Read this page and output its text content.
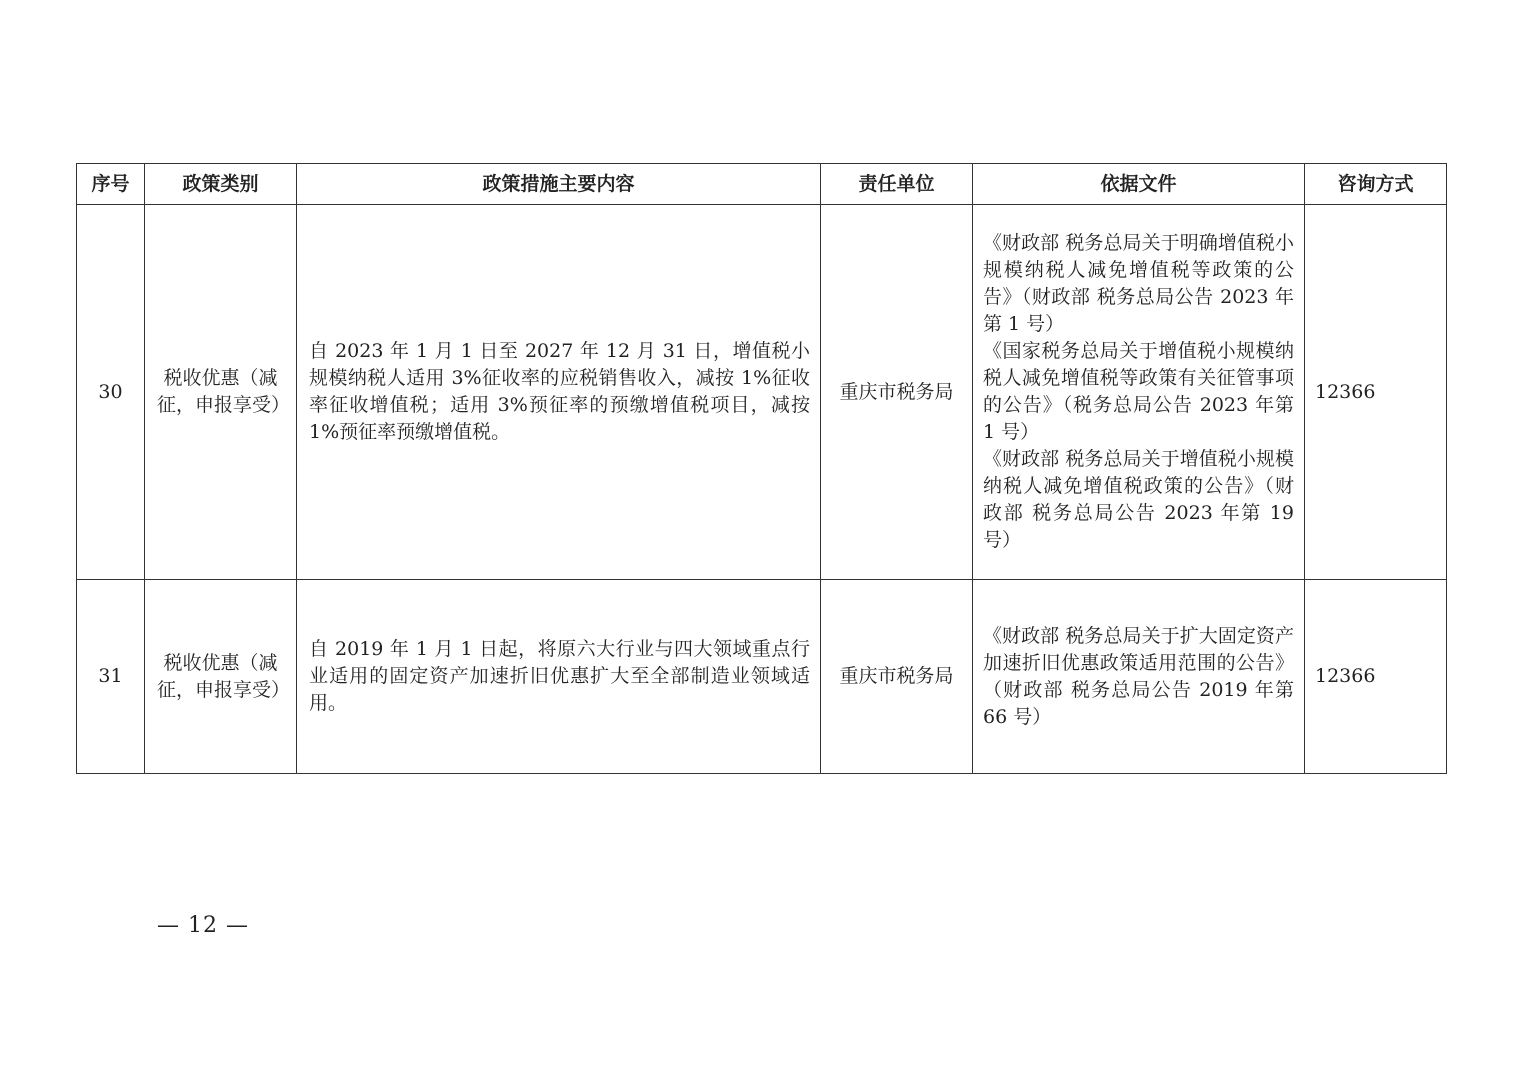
序号	政策类别	政策措施主要内容	责任单位	依据文件	咨询方式
30	税收优惠（减征，申报享受）	自 2023 年 1 月 1 日至 2027 年 12 月 31 日，增值税小规模纳税人适用 3%征收率的应税销售收入，减按 1%征收率征收增值税；适用 3%预征率的预缴增值税项目，减按 1%预征率预缴增值税。	重庆市税务局	《财政部 税务总局关于明确增值税小规模纳税人减免增值税等政策的公告》（财政部 税务总局公告 2023 年第 1 号）
《国家税务总局关于增值税小规模纳税人减免增值税等政策有关征管事项的公告》（税务总局公告 2023 年第 1 号）
《财政部 税务总局关于增值税小规模纳税人减免增值税政策的公告》（财政部 税务总局公告 2023 年第 19 号）	12366
31	税收优惠（减征，申报享受）	自 2019 年 1 月 1 日起，将原六大行业与四大领域重点行业适用的固定资产加速折旧优惠扩大至全部制造业领域适用。	重庆市税务局	《财政部 税务总局关于扩大固定资产加速折旧优惠政策适用范围的公告》（财政部 税务总局公告 2019 年第 66 号）	12366
— 12 —
